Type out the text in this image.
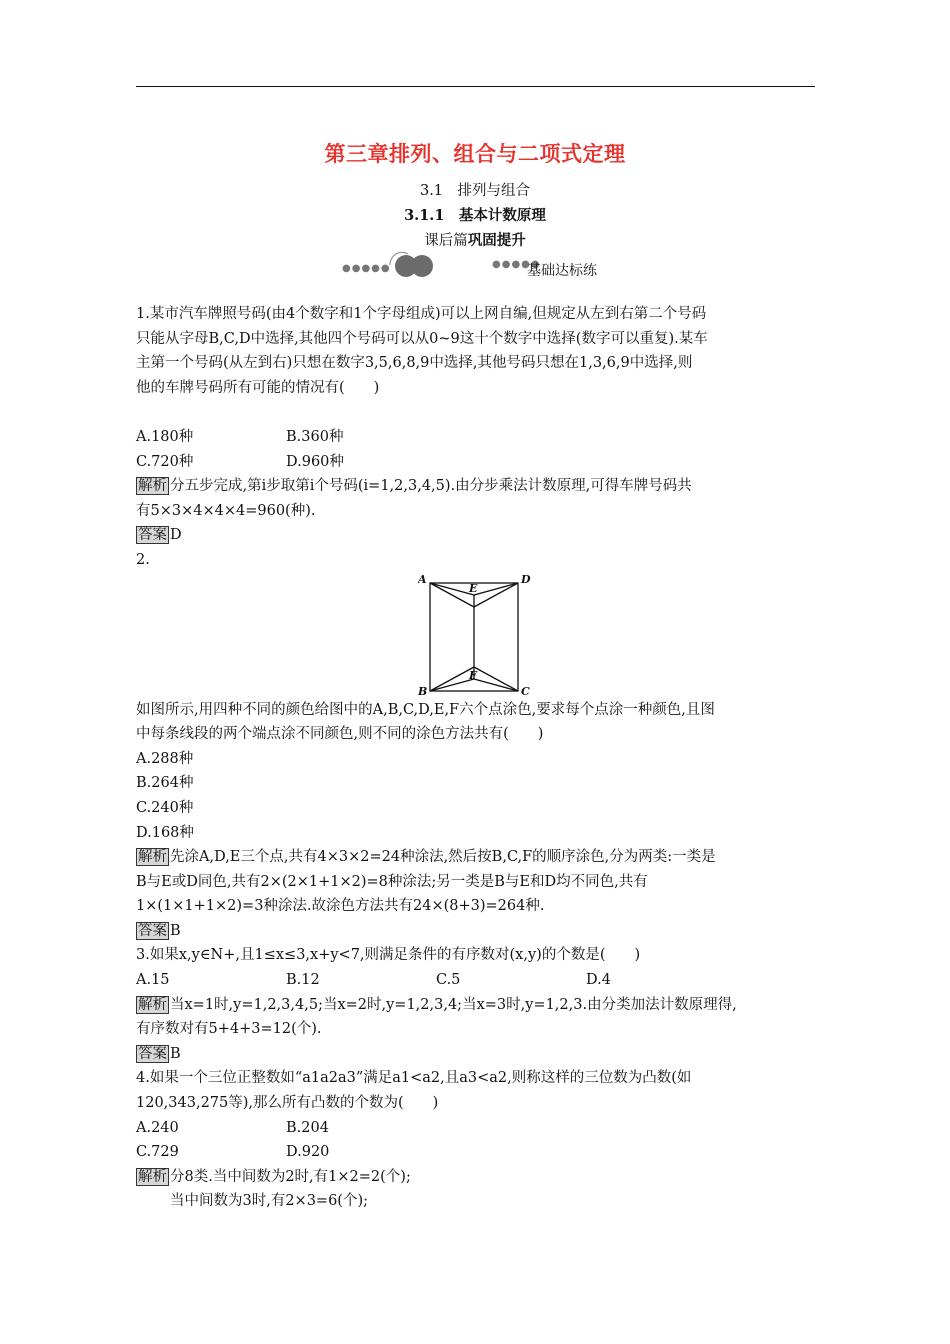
第三章排列、组合与二项式定理
3.1　排列与组合
3.1.1　基本计数原理
课后篇巩固提升
●●●●●	●●●●●
基础达标练

1.某市汽车牌照号码(由4个数字和1个字母组成)可以上网自编,但规定从左到右第二个号码

只能从字母B,C,D中选择,其他四个号码可以从0~9这十个数字中选择(数字可以重复).某车

主第一个号码(从左到右)只想在数字3,5,6,8,9中选择,其他号码只想在1,3,6,9中选择,则

他的车牌号码所有可能的情况有(　　)

A.180种	B.360种
C.720种	D.960种

解析 分五步完成,第i步取第i个号码(i=1,2,3,4,5).由分步乘法计数原理,可得车牌号码共

有5×3×4×4×4=960(种).

答案 D

2.

A	D
E
F
B	C

如图所示,用四种不同的颜色给图中的A,B,C,D,E,F六个点涂色,要求每个点涂一种颜色,且图

中每条线段的两个端点涂不同颜色,则不同的涂色方法共有(　　)

A.288种

B.264种

C.240种

D.168种

解析 先涂A,D,E三个点,共有4×3×2=24种涂法,然后按B,C,F的顺序涂色,分为两类:一类是

B与E或D同色,共有2×(2×1+1×2)=8种涂法;另一类是B与E和D均不同色,共有

1×(1×1+1×2)=3种涂法.故涂色方法共有24×(8+3)=264种.

答案 B

3.如果x,y∈N+,且1≤x≤3,x+y<7,则满足条件的有序数对(x,y)的个数是(　　)

A.15	B.12	C.5	D.4

解析 当x=1时,y=1,2,3,4,5;当x=2时,y=1,2,3,4;当x=3时,y=1,2,3.由分类加法计数原理得,

有序数对有5+4+3=12(个).

答案 B

4.如果一个三位正整数如“a1a2a3”满足a1<a2,且a3<a2,则称这样的三位数为凸数(如

120,343,275等),那么所有凸数的个数为(　　)

A.240	B.204
C.729	D.920

解析 分8类.当中间数为2时,有1×2=2(个);

当中间数为3时,有2×3=6(个);
